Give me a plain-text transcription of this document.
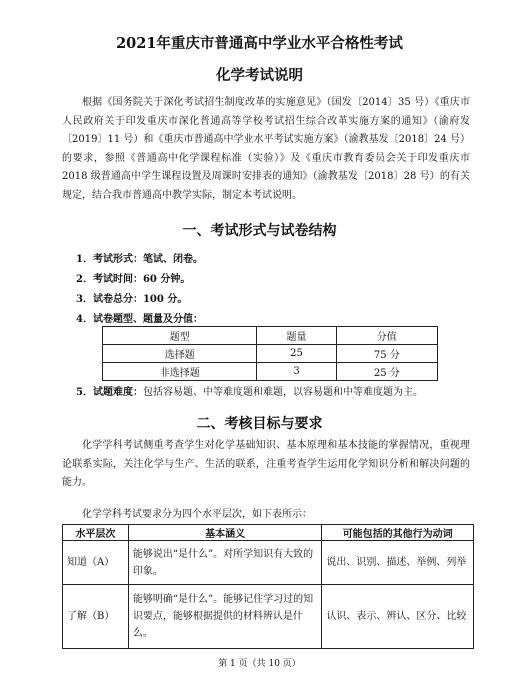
2021年重庆市普通高中学业水平合格性考试
化学考试说明

根据《国务院关于深化考试招生制度改革的实施意见》（国发〔2014〕35 号）《重庆市人民政府关于印发重庆市深化普通高等学校考试招生综合改革实施方案的通知》（渝府发〔2019〕11 号）和《重庆市普通高中学业水平考试实施方案》（渝教基发〔2018〕24 号）的要求，参照《普通高中化学课程标准（实验）》及《重庆市教育委员会关于印发重庆市 2018 级普通高中学生课程设置及周课时安排表的通知》（渝教基发〔2018〕28 号）的有关规定，结合我市普通高中教学实际，制定本考试说明。

一、考试形式与试卷结构
1．考试形式：笔试、闭卷。
2．考试时间：60 分钟。
3．试卷总分：100 分。
4．试卷题型、题量及分值：
题型	题量	分值
选择题	25	75 分
非选择题	3	25 分
5．试题难度：包括容易题、中等难度题和难题，以容易题和中等难度题为主。
二、考核目标与要求

化学学科考试侧重考查学生对化学基础知识、基本原理和基本技能的掌握情况，重视理论联系实际，关注化学与生产、生活的联系，注重考查学生运用化学知识分析和解决问题的能力。

化学学科考试要求分为四个水平层次，如下表所示：
水平层次	基本涵义	可能包括的其他行为动词
知道（A）	能够说出“是什么”。对所学知识有大致的印象。	说出、识别、描述、举例、列举
了解（B）	能够明确“是什么”。能够记住学习过的知识要点，能够根据提供的材料辨认是什么。	认识、表示、辨认、区分、比较
第 1 页（共 10 页）
